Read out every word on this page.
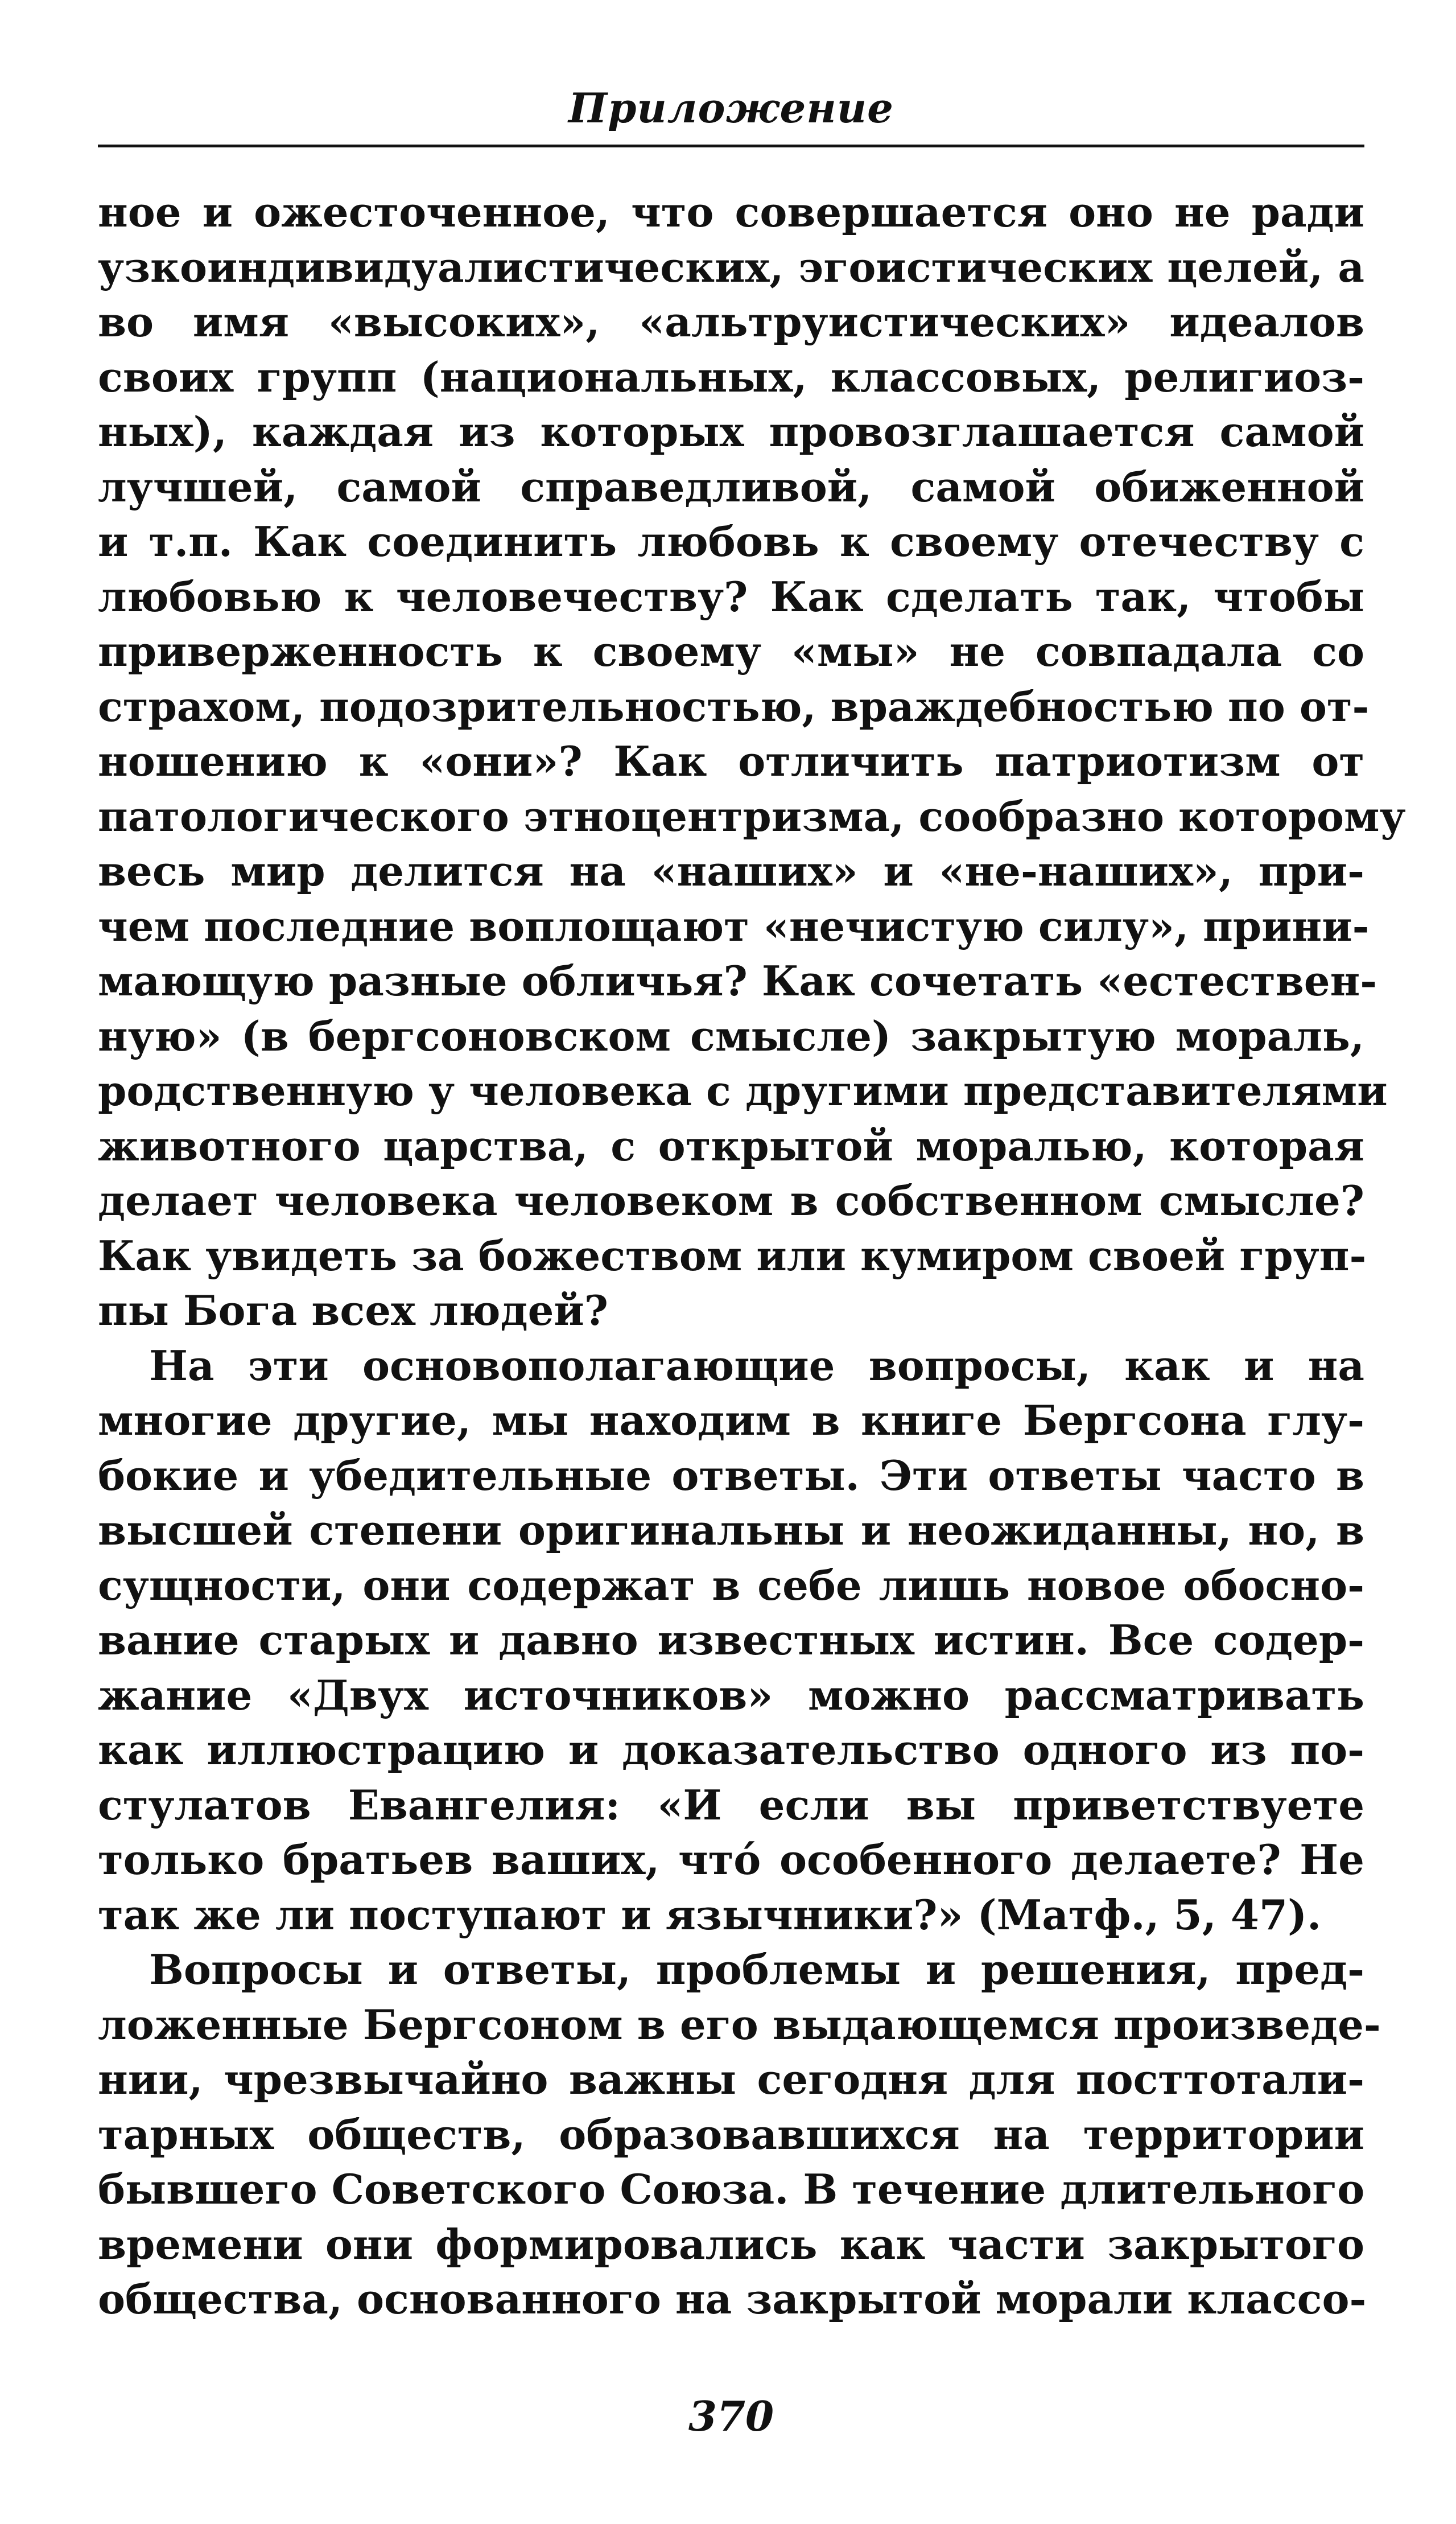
Приложение
ное и ожесточенное, что совершается оно не ради
узкоиндивидуалистических, эгоистических целей, а
во имя «высоких», «альтруистических» идеалов
своих групп (национальных, классовых, религиоз-
ных), каждая из которых провозглашается самой
лучшей, самой справедливой, самой обиженной
и т.п. Как соединить любовь к своему отечеству с
любовью к человечеству? Как сделать так, чтобы
приверженность к своему «мы» не совпадала со
страхом, подозрительностью, враждебностью по от-
ношению к «они»? Как отличить патриотизм от
патологического этноцентризма, сообразно которому
весь мир делится на «наших» и «не-наших», при-
чем последние воплощают «нечистую силу», прини-
мающую разные обличья? Как сочетать «естествен-
ную» (в бергсоновском смысле) закрытую мораль,
родственную у человека с другими представителями
животного царства, с открытой моралью, которая
делает человека человеком в собственном смысле?
Как увидеть за божеством или кумиром своей груп-
пы Бога всех людей?
На эти основополагающие вопросы, как и на
многие другие, мы находим в книге Бергсона глу-
бокие и убедительные ответы. Эти ответы часто в
высшей степени оригинальны и неожиданны, но, в
сущности, они содержат в себе лишь новое обосно-
вание старых и давно известных истин. Все содер-
жание «Двух источников» можно рассматривать
как иллюстрацию и доказательство одного из по-
стулатов Евангелия: «И если вы приветствуете
только братьев ваших, что́ особенного делаете? Не
так же ли поступают и язычники?» (Матф., 5, 47).
Вопросы и ответы, проблемы и решения, пред-
ложенные Бергсоном в его выдающемся произведе-
нии, чрезвычайно важны сегодня для посттотали-
тарных обществ, образовавшихся на территории
бывшего Советского Союза. В течение длительного
времени они формировались как части закрытого
общества, основанного на закрытой морали классо-
370
